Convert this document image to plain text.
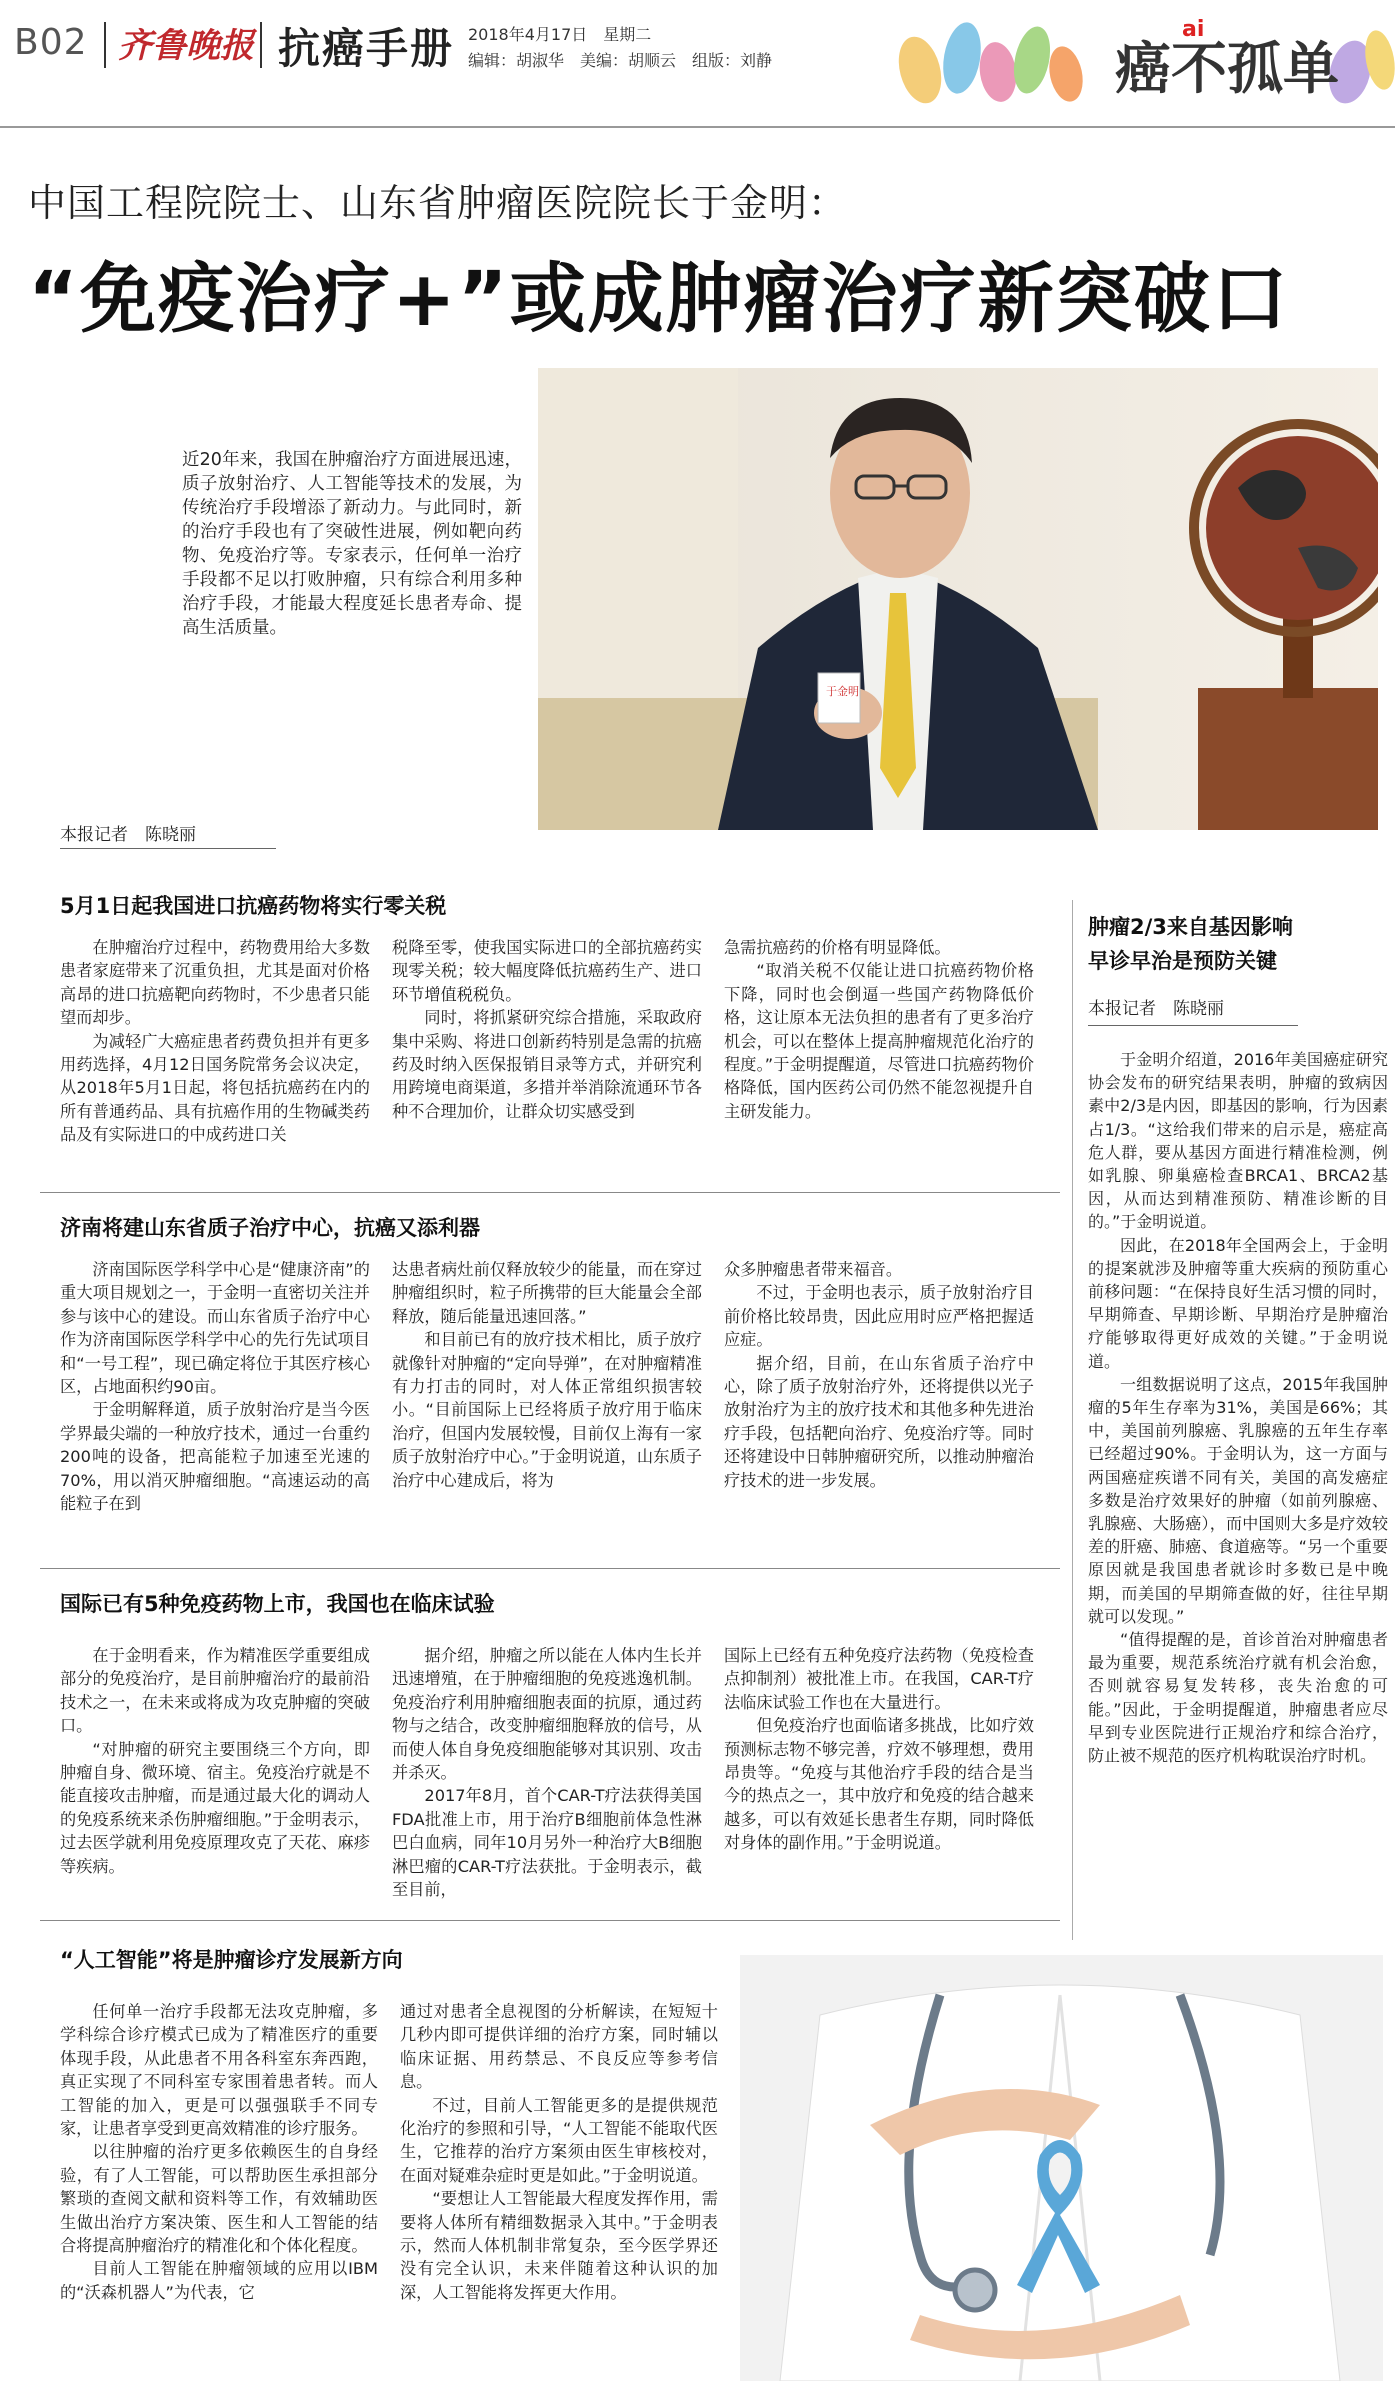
B02 齐鲁晚报 抗癌手册 2018年4月17日　星期二
编辑：胡淑华　美编：胡顺云　组版：刘静	癌不孤单
ai
中国工程院院士、山东省肿瘤医院院长于金明：
“免疫治疗+”或成肿瘤治疗新突破口
近20年来，我国在肿瘤治疗方面进展迅速，质子放射治疗、人工智能等技术的发展，为传统治疗手段增添了新动力。与此同时，新的治疗手段也有了突破性进展，例如靶向药物、免疫治疗等。专家表示，任何单一治疗手段都不足以打败肿瘤，只有综合利用多种治疗手段，才能最大程度延长患者寿命、提高生活质量。
于金明
本报记者　陈晓丽
5月1日起我国进口抗癌药物将实行零关税

在肿瘤治疗过程中，药物费用给大多数患者家庭带来了沉重负担，尤其是面对价格高昂的进口抗癌靶向药物时，不少患者只能望而却步。

为减轻广大癌症患者药费负担并有更多用药选择，4月12日国务院常务会议决定，从2018年5月1日起，将包括抗癌药在内的所有普通药品、具有抗癌作用的生物碱类药品及有实际进口的中成药进口关

税降至零，使我国实际进口的全部抗癌药实现零关税；较大幅度降低抗癌药生产、进口环节增值税税负。

同时，将抓紧研究综合措施，采取政府集中采购、将进口创新药特别是急需的抗癌药及时纳入医保报销目录等方式，并研究利用跨境电商渠道，多措并举消除流通环节各种不合理加价，让群众切实感受到

急需抗癌药的价格有明显降低。

“取消关税不仅能让进口抗癌药物价格下降，同时也会倒逼一些国产药物降低价格，这让原本无法负担的患者有了更多治疗机会，可以在整体上提高肿瘤规范化治疗的程度。”于金明提醒道，尽管进口抗癌药物价格降低，国内医药公司仍然不能忽视提升自主研发能力。

济南将建山东省质子治疗中心，抗癌又添利器

济南国际医学科学中心是“健康济南”的重大项目规划之一，于金明一直密切关注并参与该中心的建设。而山东省质子治疗中心作为济南国际医学科学中心的先行先试项目和“一号工程”，现已确定将位于其医疗核心区，占地面积约90亩。

于金明解释道，质子放射治疗是当今医学界最尖端的一种放疗技术，通过一台重约200吨的设备，把高能粒子加速至光速的70%，用以消灭肿瘤细胞。“高速运动的高能粒子在到

达患者病灶前仅释放较少的能量，而在穿过肿瘤组织时，粒子所携带的巨大能量会全部释放，随后能量迅速回落。”

和目前已有的放疗技术相比，质子放疗就像针对肿瘤的“定向导弹”，在对肿瘤精准有力打击的同时，对人体正常组织损害较小。“目前国际上已经将质子放疗用于临床治疗，但国内发展较慢，目前仅上海有一家质子放射治疗中心。”于金明说道，山东质子治疗中心建成后，将为

众多肿瘤患者带来福音。

不过，于金明也表示，质子放射治疗目前价格比较昂贵，因此应用时应严格把握适应症。

据介绍，目前，在山东省质子治疗中心，除了质子放射治疗外，还将提供以光子放射治疗为主的放疗技术和其他多种先进治疗手段，包括靶向治疗、免疫治疗等。同时还将建设中日韩肿瘤研究所，以推动肿瘤治疗技术的进一步发展。

国际已有5种免疫药物上市，我国也在临床试验

在于金明看来，作为精准医学重要组成部分的免疫治疗，是目前肿瘤治疗的最前沿技术之一，在未来或将成为攻克肿瘤的突破口。

“对肿瘤的研究主要围绕三个方向，即肿瘤自身、微环境、宿主。免疫治疗就是不能直接攻击肿瘤，而是通过最大化的调动人的免疫系统来杀伤肿瘤细胞。”于金明表示，过去医学就利用免疫原理攻克了天花、麻疹等疾病。

据介绍，肿瘤之所以能在人体内生长并迅速增殖，在于肿瘤细胞的免疫逃逸机制。免疫治疗利用肿瘤细胞表面的抗原，通过药物与之结合，改变肿瘤细胞释放的信号，从而使人体自身免疫细胞能够对其识别、攻击并杀灭。

2017年8月，首个CAR-T疗法获得美国FDA批准上市，用于治疗B细胞前体急性淋巴白血病，同年10月另外一种治疗大B细胞淋巴瘤的CAR-T疗法获批。于金明表示，截至目前，

国际上已经有五种免疫疗法药物（免疫检查点抑制剂）被批准上市。在我国，CAR-T疗法临床试验工作也在大量进行。

但免疫治疗也面临诸多挑战，比如疗效预测标志物不够完善，疗效不够理想，费用昂贵等。“免疫与其他治疗手段的结合是当今的热点之一，其中放疗和免疫的结合越来越多，可以有效延长患者生存期，同时降低对身体的副作用。”于金明说道。

“人工智能”将是肿瘤诊疗发展新方向

任何单一治疗手段都无法攻克肿瘤，多学科综合诊疗模式已成为了精准医疗的重要体现手段，从此患者不用各科室东奔西跑，真正实现了不同科室专家围着患者转。而人工智能的加入，更是可以强强联手不同专家，让患者享受到更高效精准的诊疗服务。

以往肿瘤的治疗更多依赖医生的自身经验，有了人工智能，可以帮助医生承担部分繁琐的查阅文献和资料等工作，有效辅助医生做出治疗方案决策、医生和人工智能的结合将提高肿瘤治疗的精准化和个体化程度。

目前人工智能在肿瘤领域的应用以IBM的“沃森机器人”为代表，它

通过对患者全息视图的分析解读，在短短十几秒内即可提供详细的治疗方案，同时辅以临床证据、用药禁忌、不良反应等参考信息。

不过，目前人工智能更多的是提供规范化治疗的参照和引导，“人工智能不能取代医生，它推荐的治疗方案须由医生审核校对，在面对疑难杂症时更是如此。”于金明说道。

“要想让人工智能最大程度发挥作用，需要将人体所有精细数据录入其中。”于金明表示，然而人体机制非常复杂，至今医学界还没有完全认识，未来伴随着这种认识的加深，人工智能将发挥更大作用。

肿瘤2/3来自基因影响
早诊早治是预防关键
本报记者　陈晓丽

于金明介绍道，2016年美国癌症研究协会发布的研究结果表明，肿瘤的致病因素中2/3是内因，即基因的影响，行为因素占1/3。“这给我们带来的启示是，癌症高危人群，要从基因方面进行精准检测，例如乳腺、卵巢癌检查BRCA1、BRCA2基因，从而达到精准预防、精准诊断的目的。”于金明说道。

因此，在2018年全国两会上，于金明的提案就涉及肿瘤等重大疾病的预防重心前移问题：“在保持良好生活习惯的同时，早期筛查、早期诊断、早期治疗是肿瘤治疗能够取得更好成效的关键。”于金明说道。

一组数据说明了这点，2015年我国肿瘤的5年生存率为31%，美国是66%；其中，美国前列腺癌、乳腺癌的五年生存率已经超过90%。于金明认为，这一方面与两国癌症疾谱不同有关，美国的高发癌症多数是治疗效果好的肿瘤（如前列腺癌、乳腺癌、大肠癌），而中国则大多是疗效较差的肝癌、肺癌、食道癌等。“另一个重要原因就是我国患者就诊时多数已是中晚期，而美国的早期筛查做的好，往往早期就可以发现。”

“值得提醒的是，首诊首治对肿瘤患者最为重要，规范系统治疗就有机会治愈，否则就容易复发转移，丧失治愈的可能。”因此，于金明提醒道，肿瘤患者应尽早到专业医院进行正规治疗和综合治疗，防止被不规范的医疗机构耽误治疗时机。
